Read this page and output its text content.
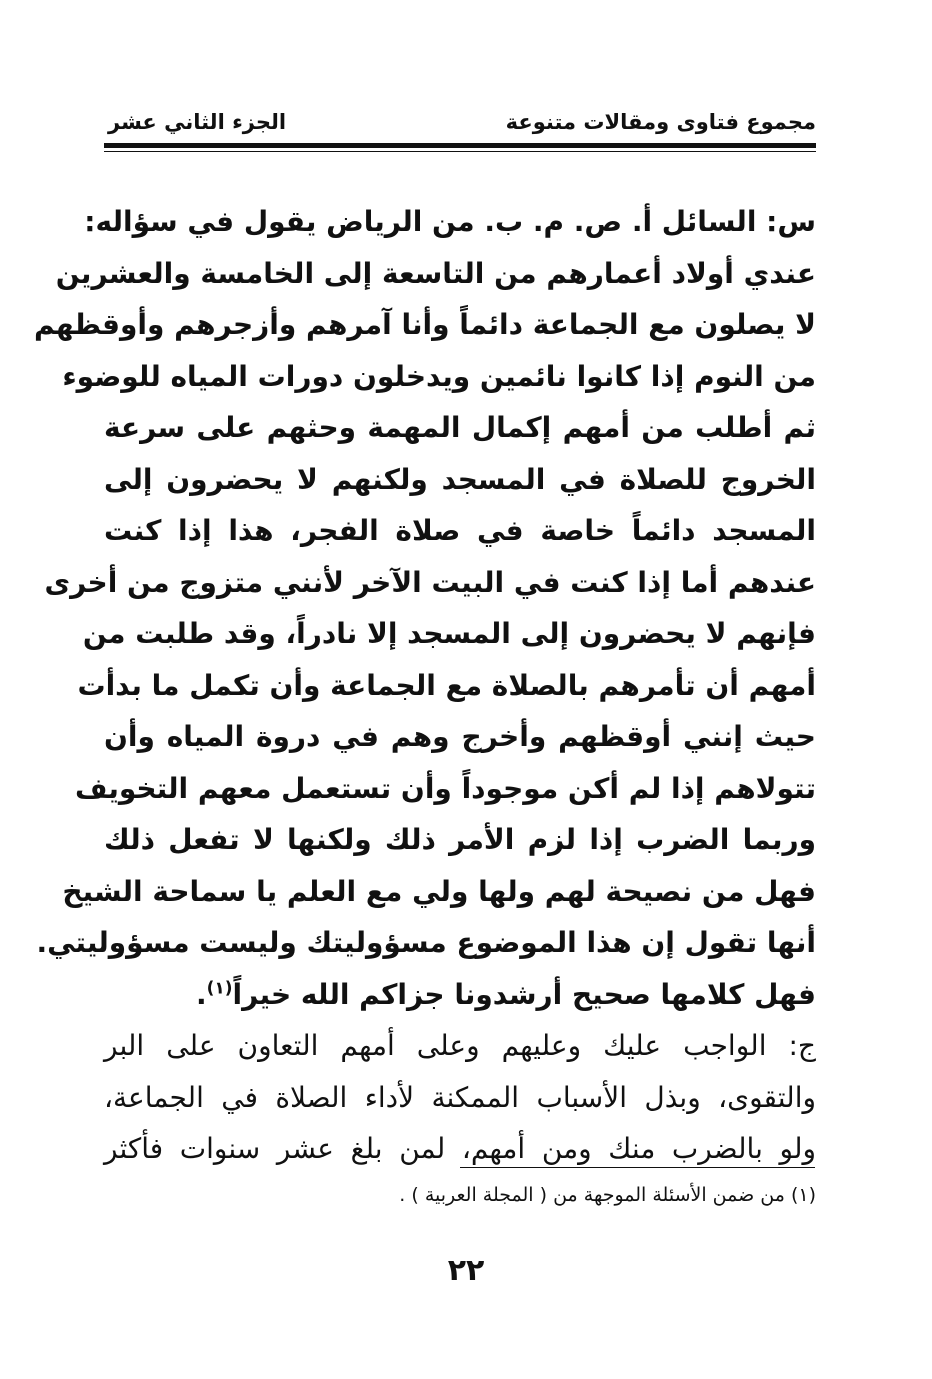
مجموع فتاوى ومقالات متنوعة
الجزء الثاني عشر
س: السائل أ. ص. م. ب. من الرياض يقول في سؤاله:
عندي أولاد أعمارهم من التاسعة إلى الخامسة والعشرين
لا يصلون مع الجماعة دائماً وأنا آمرهم وأزجرهم وأوقظهم
من النوم إذا كانوا نائمين ويدخلون دورات المياه للوضوء
ثم أطلب من أمهم إكمال المهمة وحثهم على سرعة
الخروج للصلاة في المسجد ولكنهم لا يحضرون إلى
المسجد دائماً خاصة في صلاة الفجر، هذا إذا كنت
عندهم أما إذا كنت في البيت الآخر لأنني متزوج من أخرى
فإنهم لا يحضرون إلى المسجد إلا نادراً، وقد طلبت من
أمهم أن تأمرهم بالصلاة مع الجماعة وأن تكمل ما بدأت
حيث إنني أوقظهم وأخرج وهم في دروة المياه وأن
تتولاهم إذا لم أكن موجوداً وأن تستعمل معهم التخويف
وربما الضرب إذا لزم الأمر ذلك ولكنها لا تفعل ذلك
فهل من نصيحة لهم ولها ولي مع العلم يا سماحة الشيخ
أنها تقول إن هذا الموضوع مسؤوليتك وليست مسؤوليتي.
فهل كلامها صحيح أرشدونا جزاكم الله خيراً$^{(١)}$.
ج: الواجب عليك وعليهم وعلى أمهم التعاون على البر
والتقوى، وبذل الأسباب الممكنة لأداء الصلاة في الجماعة،
ولو بالضرب منك ومن أمهم، لمن بلغ عشر سنوات فأكثر
(١) من ضمن الأسئلة الموجهة من ( المجلة العربية ) .
٢٢
